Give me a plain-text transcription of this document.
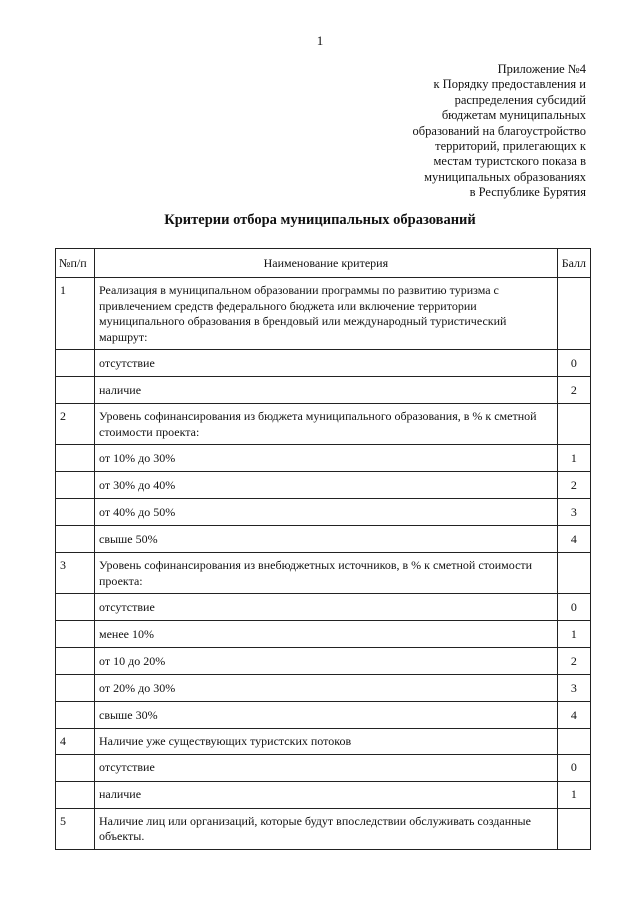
1
Приложение №4
к Порядку предоставления и
распределения субсидий
бюджетам муниципальных
образований на благоустройство
территорий, прилегающих к
местам туристского показа в
муниципальных образованиях
в Республике Бурятия
Критерии отбора муниципальных образований
№п/п	Наименование критерия	Балл
1	Реализация в муниципальном образовании программы по развитию туризма с привлечением средств федерального бюджета или включение территории муниципального образования в брендовый или международный туристический маршрут:	
	отсутствие	0
	наличие	2
2	Уровень софинансирования из бюджета муниципального образования, в % к сметной стоимости проекта:	
	от 10% до 30%	1
	от 30% до 40%	2
	от 40% до 50%	3
	свыше 50%	4
3	Уровень софинансирования из внебюджетных источников, в % к сметной стоимости проекта:	
	отсутствие	0
	менее 10%	1
	от 10 до 20%	2
	от 20% до 30%	3
	свыше 30%	4
4	Наличие уже существующих туристских потоков	
	отсутствие	0
	наличие	1
5	Наличие лиц или организаций, которые будут впоследствии обслуживать созданные объекты.	
